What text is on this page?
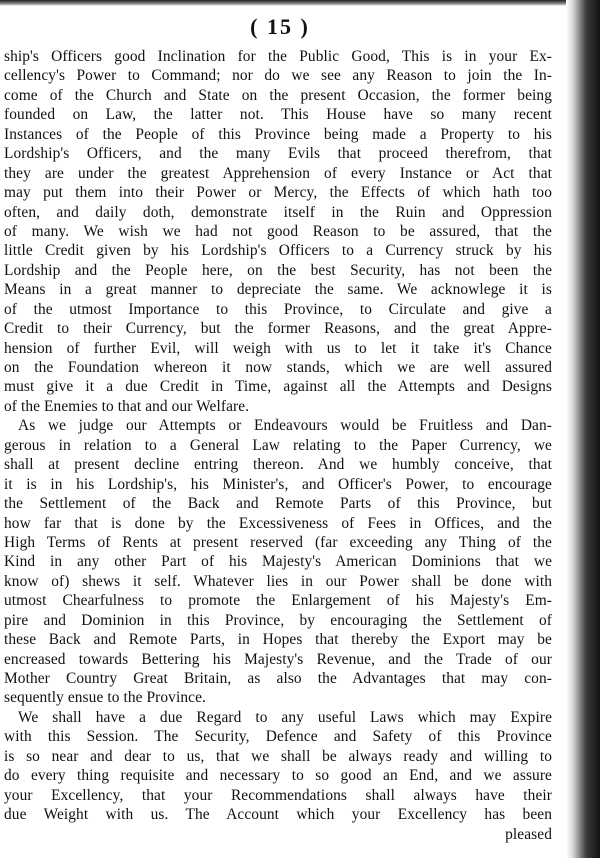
( 15 )
ship's Officers good Inclination for the Public Good, This is in your Ex-
cellency's Power to Command; nor do we see any Reason to join the In-
come of the Church and State on the present Occasion, the former being
founded on Law, the latter not. This House have so many recent
Instances of the People of this Province being made a Property to his
Lordship's Officers, and the many Evils that proceed therefrom, that
they are under the greatest Apprehension of every Instance or Act that
may put them into their Power or Mercy, the Effects of which hath too
often, and daily doth, demonstrate itself in the Ruin and Oppression
of many. We wish we had not good Reason to be assured, that the
little Credit given by his Lordship's Officers to a Currency struck by his
Lordship and the People here, on the best Security, has not been the
Means in a great manner to depreciate the same. We acknowlege it is
of the utmost Importance to this Province, to Circulate and give a
Credit to their Currency, but the former Reasons, and the great Appre-
hension of further Evil, will weigh with us to let it take it's Chance
on the Foundation whereon it now stands, which we are well assured
must give it a due Credit in Time, against all the Attempts and Designs
of the Enemies to that and our Welfare.
As we judge our Attempts or Endeavours would be Fruitless and Dan-
gerous in relation to a General Law relating to the Paper Currency, we
shall at present decline entring thereon. And we humbly conceive, that
it is in his Lordship's, his Minister's, and Officer's Power, to encourage
the Settlement of the Back and Remote Parts of this Province, but
how far that is done by the Excessiveness of Fees in Offices, and the
High Terms of Rents at present reserved (far exceeding any Thing of the
Kind in any other Part of his Majesty's American Dominions that we
know of) shews it self. Whatever lies in our Power shall be done with
utmost Chearfulness to promote the Enlargement of his Majesty's Em-
pire and Dominion in this Province, by encouraging the Settlement of
these Back and Remote Parts, in Hopes that thereby the Export may be
encreased towards Bettering his Majesty's Revenue, and the Trade of our
Mother Country Great Britain, as also the Advantages that may con-
sequently ensue to the Province.
We shall have a due Regard to any useful Laws which may Expire
with this Session. The Security, Defence and Safety of this Province
is so near and dear to us, that we shall be always ready and willing to
do every thing requisite and necessary to so good an End, and we assure
your Excellency, that your Recommendations shall always have their
due Weight with us. The Account which your Excellency has been
pleased
